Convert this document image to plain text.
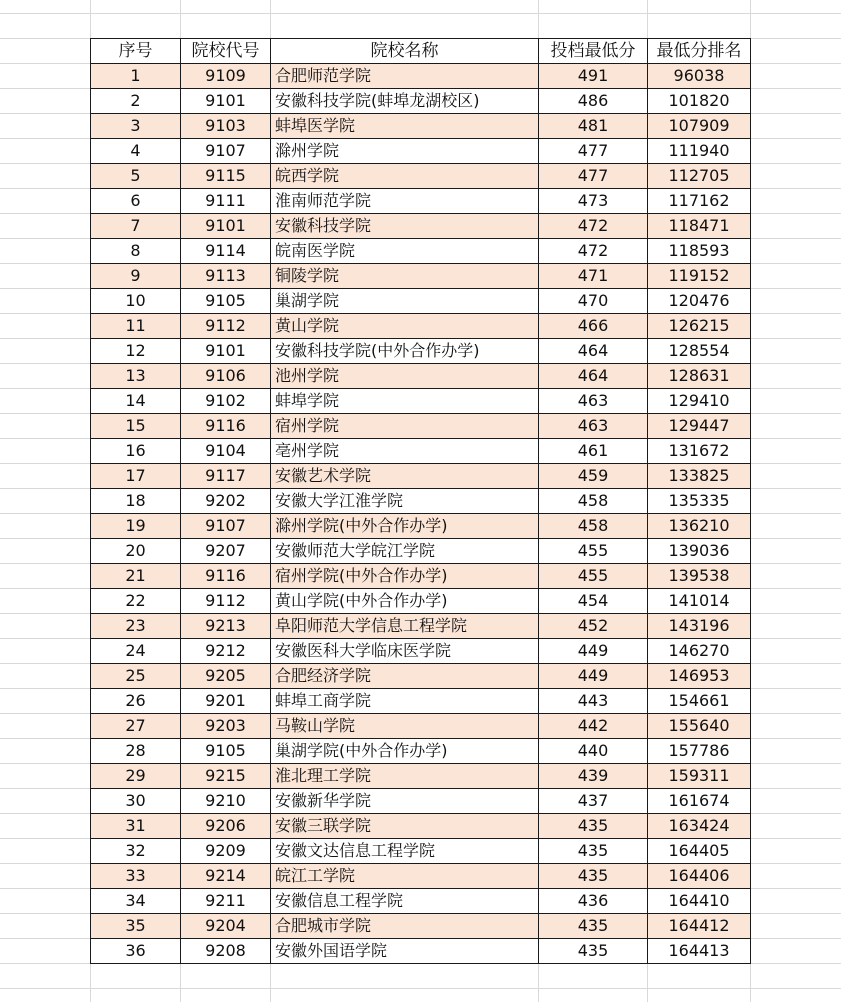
序号	院校代号	院校名称	投档最低分	最低分排名
1	9109	合肥师范学院	491	96038
2	9101	安徽科技学院(蚌埠龙湖校区)	486	101820
3	9103	蚌埠医学院	481	107909
4	9107	滁州学院	477	111940
5	9115	皖西学院	477	112705
6	9111	淮南师范学院	473	117162
7	9101	安徽科技学院	472	118471
8	9114	皖南医学院	472	118593
9	9113	铜陵学院	471	119152
10	9105	巢湖学院	470	120476
11	9112	黄山学院	466	126215
12	9101	安徽科技学院(中外合作办学)	464	128554
13	9106	池州学院	464	128631
14	9102	蚌埠学院	463	129410
15	9116	宿州学院	463	129447
16	9104	亳州学院	461	131672
17	9117	安徽艺术学院	459	133825
18	9202	安徽大学江淮学院	458	135335
19	9107	滁州学院(中外合作办学)	458	136210
20	9207	安徽师范大学皖江学院	455	139036
21	9116	宿州学院(中外合作办学)	455	139538
22	9112	黄山学院(中外合作办学)	454	141014
23	9213	阜阳师范大学信息工程学院	452	143196
24	9212	安徽医科大学临床医学院	449	146270
25	9205	合肥经济学院	449	146953
26	9201	蚌埠工商学院	443	154661
27	9203	马鞍山学院	442	155640
28	9105	巢湖学院(中外合作办学)	440	157786
29	9215	淮北理工学院	439	159311
30	9210	安徽新华学院	437	161674
31	9206	安徽三联学院	435	163424
32	9209	安徽文达信息工程学院	435	164405
33	9214	皖江工学院	435	164406
34	9211	安徽信息工程学院	436	164410
35	9204	合肥城市学院	435	164412
36	9208	安徽外国语学院	435	164413
